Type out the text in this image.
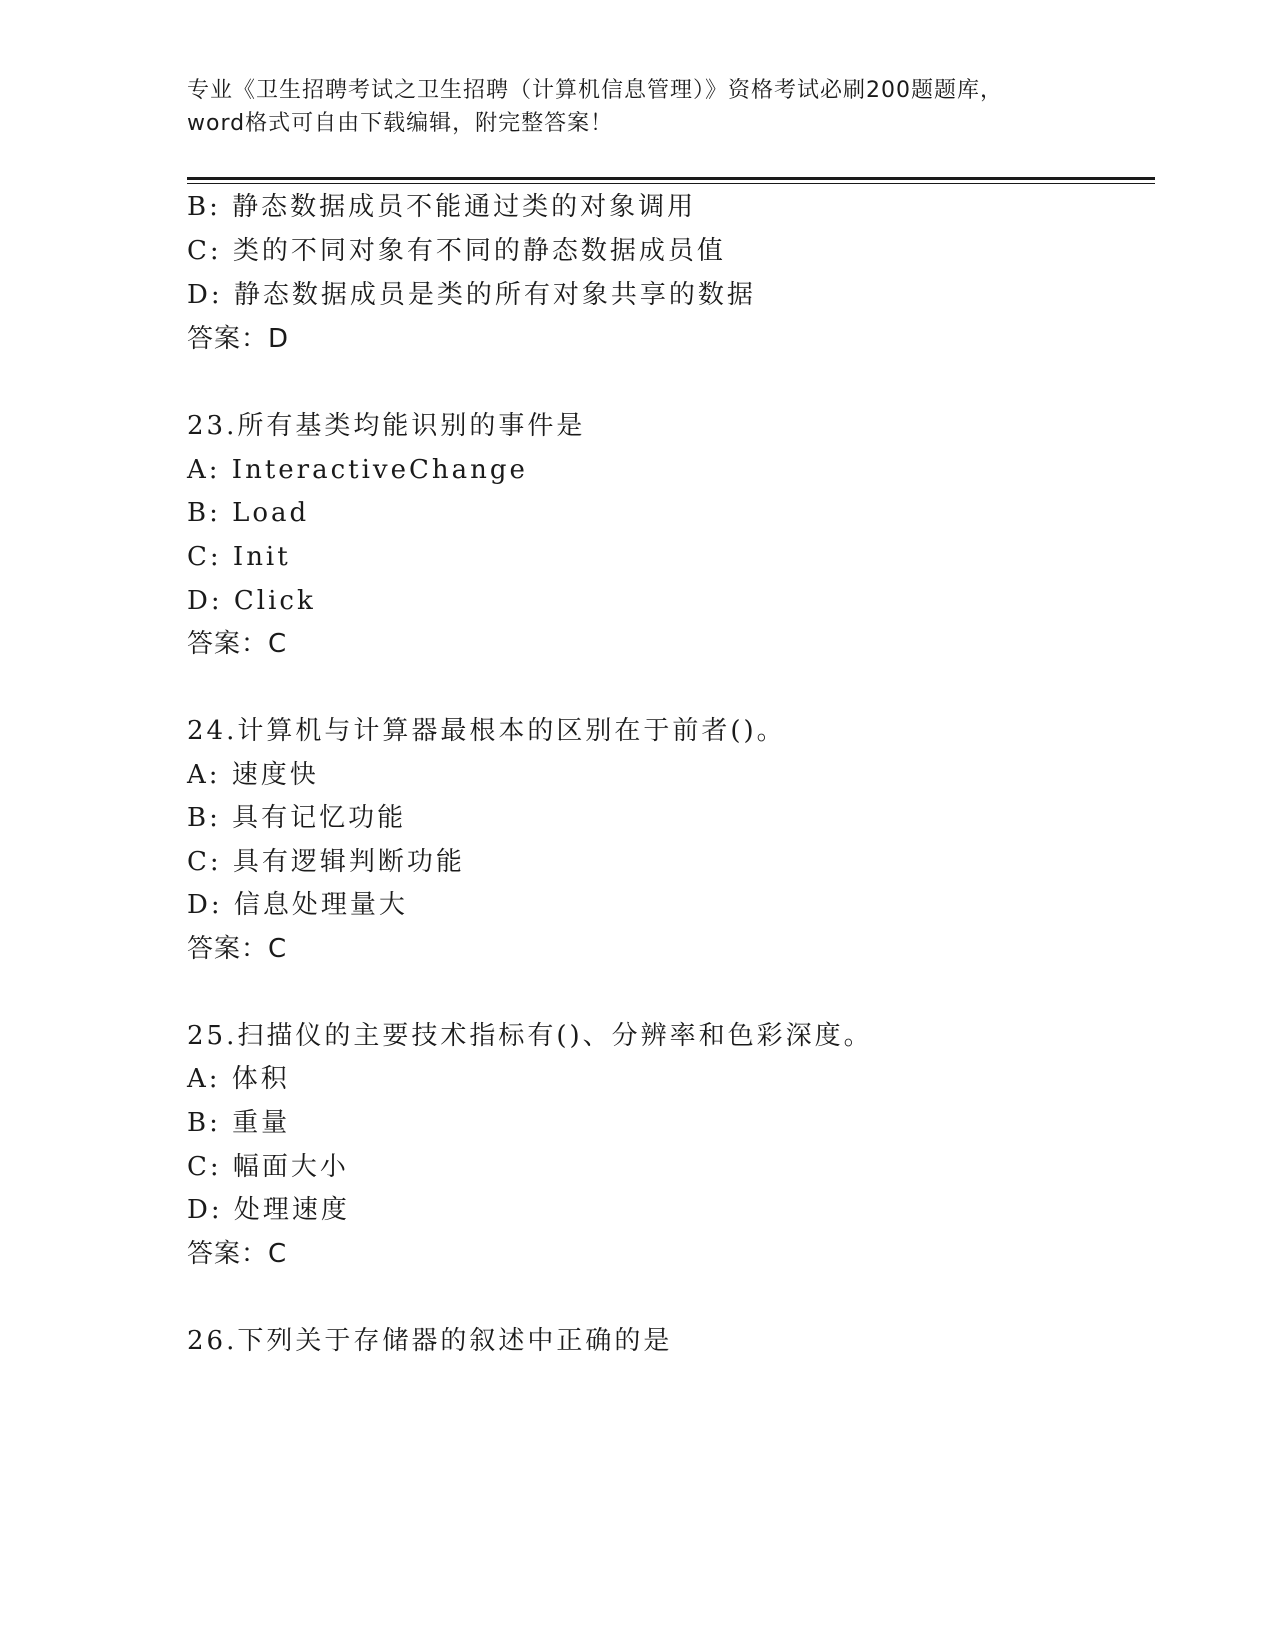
专业《卫生招聘考试之卫生招聘（计算机信息管理）》资格考试必刷200题题库，
word格式可自由下载编辑，附完整答案！
B: 静态数据成员不能通过类的对象调用
C: 类的不同对象有不同的静态数据成员值
D: 静态数据成员是类的所有对象共享的数据
答案：D
23.所有基类均能识别的事件是
A: InteractiveChange
B: Load
C: Init
D: Click
答案：C
24.计算机与计算器最根本的区别在于前者()。
A: 速度快
B: 具有记忆功能
C: 具有逻辑判断功能
D: 信息处理量大
答案：C
25.扫描仪的主要技术指标有()、分辨率和色彩深度。
A: 体积
B: 重量
C: 幅面大小
D: 处理速度
答案：C
26.下列关于存储器的叙述中正确的是
